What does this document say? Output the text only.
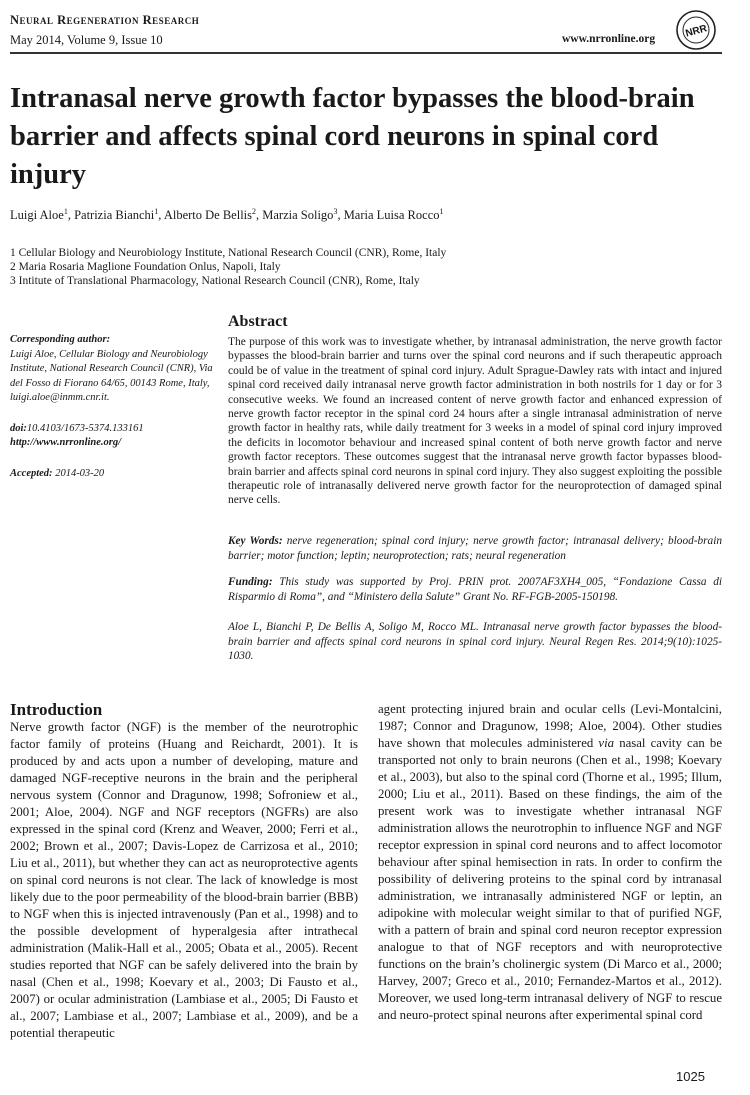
Neural Regeneration Research
May 2014, Volume 9, Issue 10	www.nrronline.org	NRR
Intranasal nerve growth factor bypasses the blood-brain barrier and affects spinal cord neurons in spinal cord injury
Luigi Aloe$^1$, Patrizia Bianchi$^1$, Alberto De Bellis$^2$, Marzia Soligo$^3$, Maria Luisa Rocco$^1$
1 Cellular Biology and Neurobiology Institute, National Research Council (CNR), Rome, Italy
2 Maria Rosaria Maglione Foundation Onlus, Napoli, Italy
3 Intitute of Translational Pharmacology, National Research Council (CNR), Rome, Italy
Corresponding author:
Luigi Aloe, Cellular Biology and Neurobiology Institute, National Research Council (CNR), Via del Fosso di Fiorano 64/65, 00143 Rome, Italy, luigi.aloe@inmm.cnr.it.
doi:10.4103/1673-5374.133161
http://www.nrronline.org/
Accepted: 2014-03-20
Abstract
The purpose of this work was to investigate whether, by intranasal administration, the nerve growth factor bypasses the blood-brain barrier and turns over the spinal cord neurons and if such therapeutic approach could be of value in the treatment of spinal cord injury. Adult Sprague-Dawley rats with intact and injured spinal cord received daily intranasal nerve growth factor administration in both nostrils for 1 day or for 3 consecutive weeks. We found an increased content of nerve growth factor and enhanced expression of nerve growth factor receptor in the spinal cord 24 hours after a single intranasal administration of nerve growth factor in healthy rats, while daily treatment for 3 weeks in a model of spinal cord injury improved the deficits in locomotor behaviour and increased spinal content of both nerve growth factor and nerve growth factor receptors. These outcomes suggest that the intranasal nerve growth factor bypasses blood-brain barrier and affects spinal cord neurons in spinal cord injury. They also suggest exploiting the possible therapeutic role of intranasally delivered nerve growth factor for the neuroprotection of damaged spinal nerve cells.
Key Words: nerve regeneration; spinal cord injury; nerve growth factor; intranasal delivery; blood-brain barrier; motor function; leptin; neuroprotection; rats; neural regeneration
Funding: This study was supported by Proj. PRIN prot. 2007AF3XH4_005, “Fondazione Cassa di Risparmio di Roma”, and “Ministero della Salute” Grant No. RF-FGB-2005-150198.
Aloe L, Bianchi P, De Bellis A, Soligo M, Rocco ML. Intranasal nerve growth factor bypasses the blood-brain barrier and affects spinal cord neurons in spinal cord injury. Neural Regen Res. 2014;9(10):1025-1030.
Introduction
Nerve growth factor (NGF) is the member of the neurotrophic factor family of proteins (Huang and Reichardt, 2001). It is produced by and acts upon a number of developing, mature and damaged NGF-receptive neurons in the brain and the peripheral nervous system (Connor and Dragunow, 1998; Sofroniew et al., 2001; Aloe, 2004). NGF and NGF receptors (NGFRs) are also expressed in the spinal cord (Krenz and Weaver, 2000; Ferri et al., 2002; Brown et al., 2007; Davis-Lopez de Carrizosa et al., 2010; Liu et al., 2011), but whether they can act as neuroprotective agents on spinal cord neurons is not clear. The lack of knowledge is most likely due to the poor permeability of the blood-brain barrier (BBB) to NGF when this is injected intravenously (Pan et al., 1998) and to the possible development of hyperalgesia after intrathecal administration (Malik-Hall et al., 2005; Obata et al., 2005). Recent studies reported that NGF can be safely delivered into the brain by nasal (Chen et al., 1998; Koevary et al., 2003; Di Fausto et al., 2007) or ocular administration (Lambiase et al., 2005; Di Fausto et al., 2007; Lambiase et al., 2007; Lambiase et al., 2009), and be a potential therapeutic
agent protecting injured brain and ocular cells (Levi-Montalcini, 1987; Connor and Dragunow, 1998; Aloe, 2004). Other studies have shown that molecules administered via nasal cavity can be transported not only to brain neurons (Chen et al., 1998; Koevary et al., 2003), but also to the spinal cord (Thorne et al., 1995; Illum, 2000; Liu et al., 2011). Based on these findings, the aim of the present work was to investigate whether intranasal NGF administration allows the neurotrophin to influence NGF and NGF receptor expression in spinal cord neurons and to affect locomotor behaviour after spinal hemisection in rats. In order to confirm the possibility of delivering proteins to the spinal cord by intranasal administration, we intranasally administered NGF or leptin, an adipokine with molecular weight similar to that of purified NGF, with a pattern of brain and spinal cord neuron receptor expression analogue to that of NGF receptors and with neuroprotective functions on the brain’s cholinergic system (Di Marco et al., 2000; Harvey, 2007; Greco et al., 2010; Fernandez-Martos et al., 2012). Moreover, we used long-term intranasal delivery of NGF to rescue and neuro-protect spinal neurons after experimental spinal cord
1025
